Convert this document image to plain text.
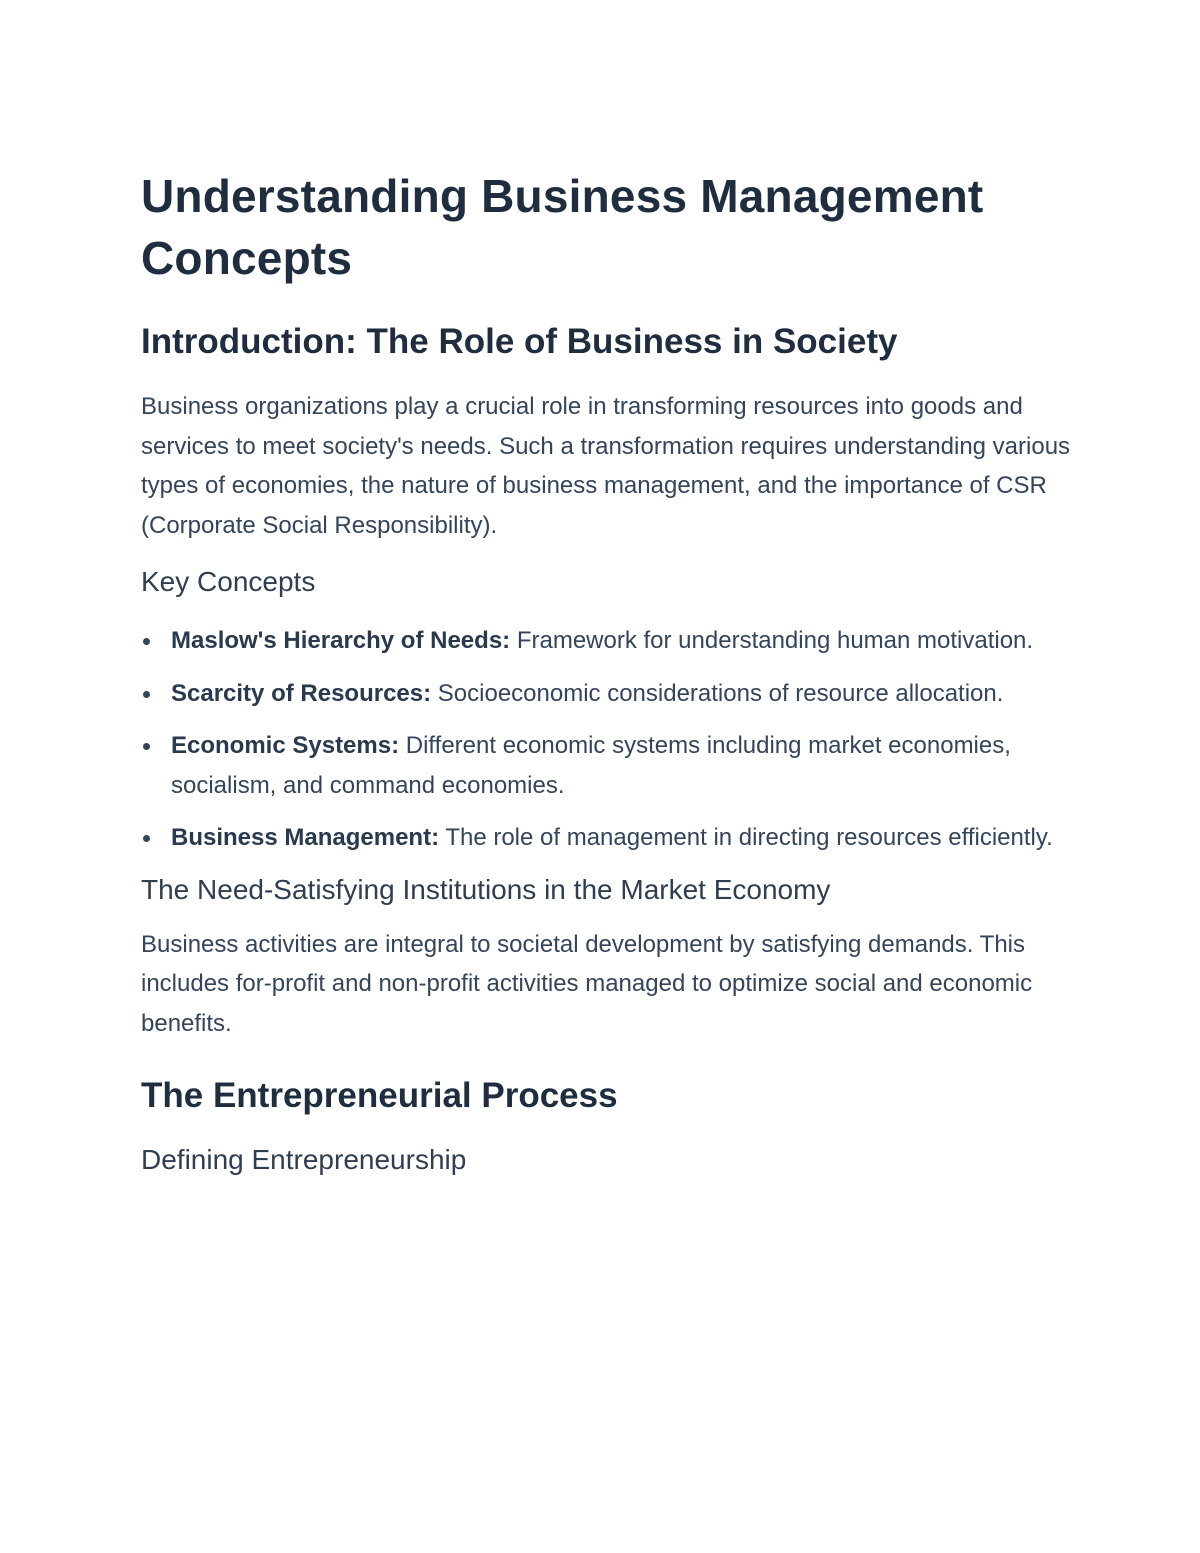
Understanding Business Management Concepts
Introduction: The Role of Business in Society

Business organizations play a crucial role in transforming resources into goods and services to meet society's needs. Such a transformation requires understanding various types of economies, the nature of business management, and the importance of CSR (Corporate Social Responsibility).

Key Concepts
Maslow's Hierarchy of Needs: Framework for understanding human motivation.
Scarcity of Resources: Socioeconomic considerations of resource allocation.
Economic Systems: Different economic systems including market economies, socialism, and command economies.
Business Management: The role of management in directing resources efficiently.
The Need-Satisfying Institutions in the Market Economy

Business activities are integral to societal development by satisfying demands. This includes for-profit and non-profit activities managed to optimize social and economic benefits.

The Entrepreneurial Process
Defining Entrepreneurship
